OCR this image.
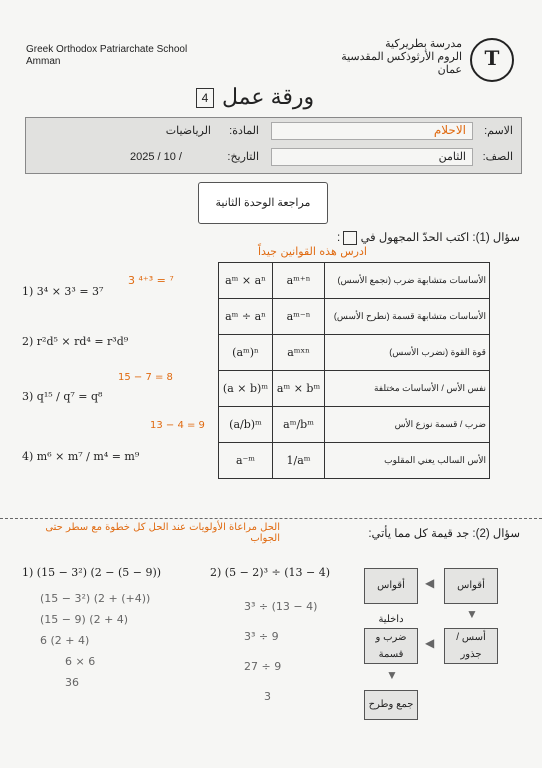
Greek Orthodox Patriarchate School
Amman
مدرسة بطريركية
الروم الأرثوذكس المقدسية
عمان	T
ورقة عمل
4
الاسم:
الاحلام
المادة:
الرياضيات
الصف:
الثامن
التاريخ:
2025 / 10 /
مراجعة الوحدة الثانية
سؤال (1): اكتب الحدّ المجهول في  :
ادرس هذه القوانين جيداً
1) 3⁴ × 3³ = 3⁷
3 ⁴⁺³ = ⁷
2) r²d⁵ × rd⁴ = r³d⁹
3) q¹⁵ / q⁷ = q⁸
15 − 7 = 8
4) m⁶ × m⁷ / m⁴ = m⁹
13 − 4 = 9
aᵐ × aⁿ	aᵐ⁺ⁿ	الأساسات متشابهة ضرب (نجمع الأسس)
aᵐ ÷ aⁿ	aᵐ⁻ⁿ	الأساسات متشابهة قسمة (نطرح الأسس)
(aᵐ)ⁿ	aᵐˣⁿ	قوة القوة (نضرب الأسس)
(a × b)ᵐ	aᵐ × bᵐ	نفس الأس / الأساسات مختلفة
(a/b)ᵐ	aᵐ/bᵐ	ضرب / قسمة نوزع الأس
a⁻ᵐ	1/aᵐ	الأس السالب يعني المقلوب
سؤال (2): جد قيمة كل مما يأتي:
الحل مراعاة الأولويات عند الحل كل خطوة مع سطر حتى الجواب
1) (15 − 3²) (2 − (5 − 9))
(15 − 3²) (2 + (+4))
(15 − 9) (2 + 4)
6 (2 + 4)
6 × 6
36
2) (5 − 2)³ ÷ (13 − 4)
3³ ÷ (13 − 4)
3³ ÷ 9
27 ÷ 9
3
أقواس
◀
أقواس داخلية	▼
أسس / جذور
◀
ضرب و قسمة
▼
جمع وطرح
